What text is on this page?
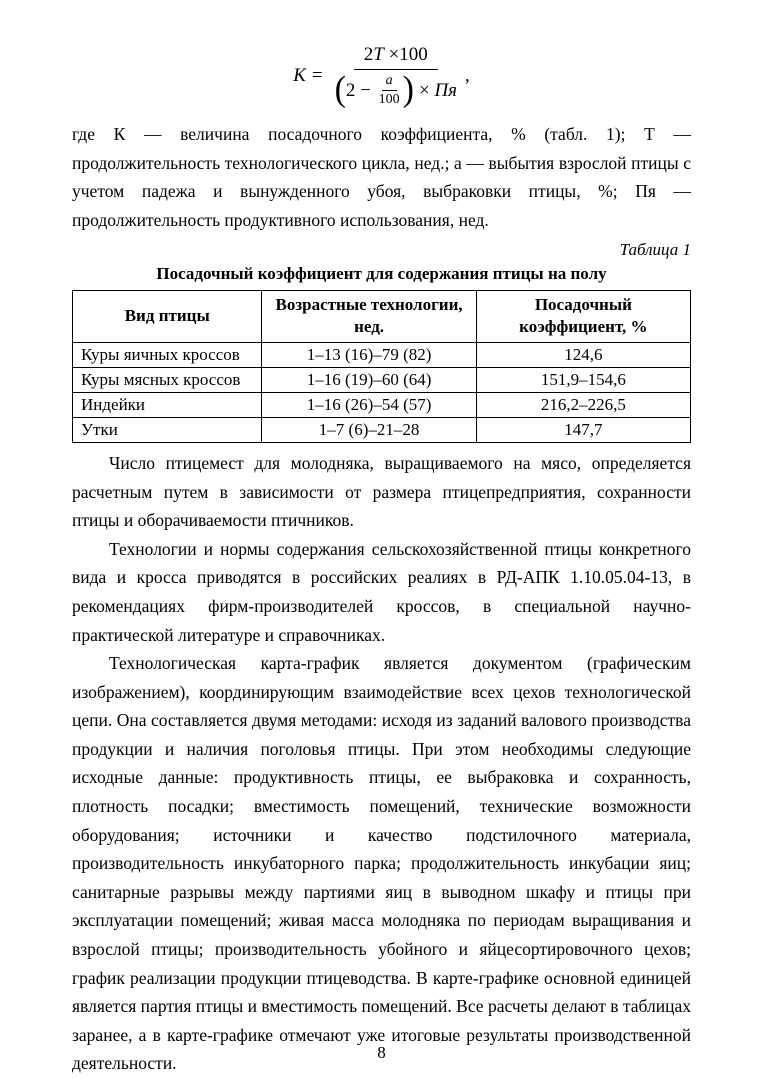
К =
2 Т ×100
( $2 - \frac{а}{100}$ ) × Пя
,

где К — величина посадочного коэффициента, % (табл. 1); Т — продолжительность технологического цикла, нед.; а — выбытия взрослой птицы с учетом падежа и вынужденного убоя, выбраковки птицы, %; Пя — продолжительность продуктивного использования, нед.

Таблица 1
Посадочный коэффициент для содержания птицы на полу
Вид птицы	Возрастные технологии, нед.	Посадочный коэффициент, %
Куры яичных кроссов	1–13 (16)–79 (82)	124,6
Куры мясных кроссов	1–16 (19)–60 (64)	151,9–154,6
Индейки	1–16 (26)–54 (57)	216,2–226,5
Утки	1–7 (6)–21–28	147,7

Число птицемест для молодняка, выращиваемого на мясо, определяется расчетным путем в зависимости от размера птицепредприятия, сохранности птицы и оборачиваемости птичников.

Технологии и нормы содержания сельскохозяйственной птицы конкретного вида и кросса приводятся в российских реалиях в РД-АПК 1.10.05.04-13, в рекомендациях фирм-производителей кроссов, в специальной научно-практической литературе и справочниках.

Технологическая карта-график является документом (графическим изображением), координирующим взаимодействие всех цехов технологической цепи. Она составляется двумя методами: исходя из заданий валового производства продукции и наличия поголовья птицы. При этом необходимы следующие исходные данные: продуктивность птицы, ее выбраковка и сохранность, плотность посадки; вместимость помещений, технические возможности оборудования; источники и качество подстилочного материала, производительность инкубаторного парка; продолжительность инкубации яиц; санитарные разрывы между партиями яиц в выводном шкафу и птицы при эксплуатации помещений; живая масса молодняка по периодам выращивания и взрослой птицы; производительность убойного и яйцесортировочного цехов; график реализации продукции птицеводства. В карте-графике основной единицей является партия птицы и вместимость помещений. Все расчеты делают в таблицах заранее, а в карте-графике отмечают уже итоговые результаты производственной деятельности.

8
